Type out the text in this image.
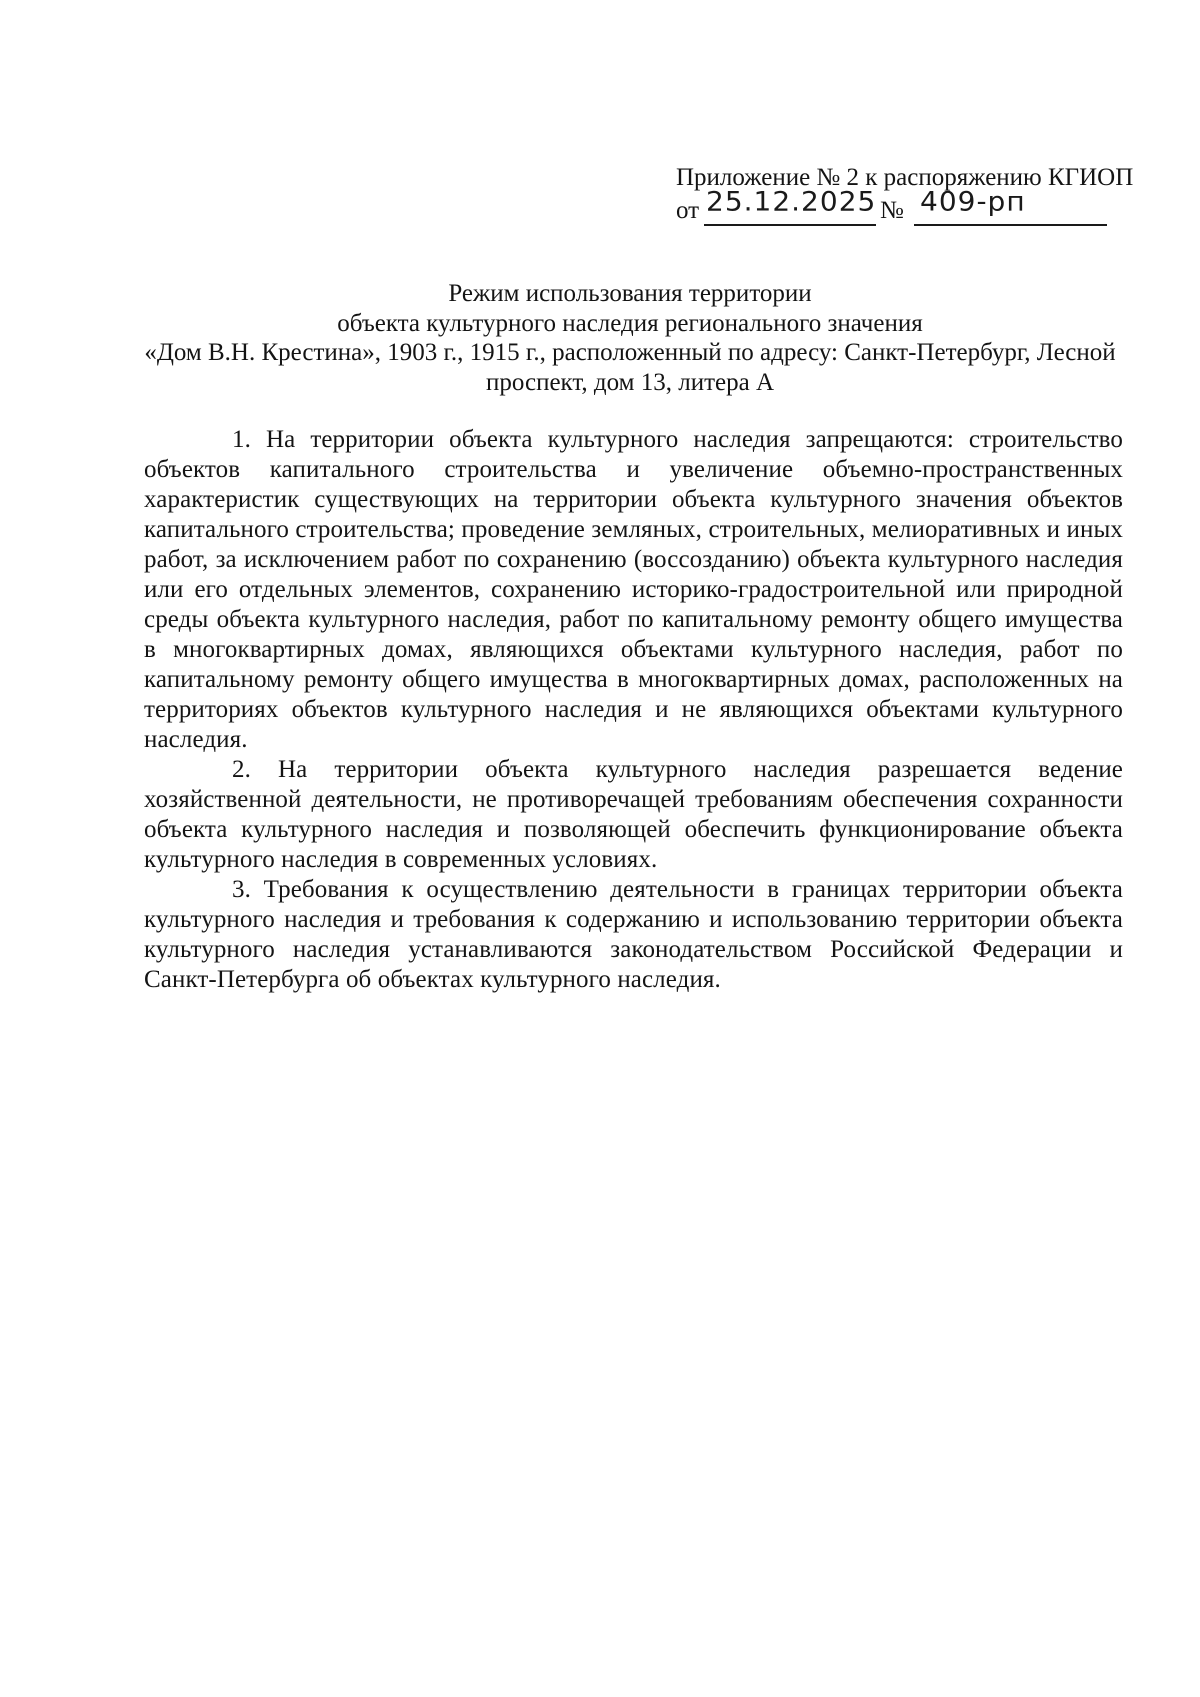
Приложение № 2 к распоряжению КГИОП
от 25.12.2025 № 409-рп
Режим использования территории
объекта культурного наследия регионального значения
«Дом В.Н. Крестина», 1903 г., 1915 г., расположенный по адресу: Санкт-Петербург, Лесной
проспект, дом 13, литера А

1. На территории объекта культурного наследия запрещаются: строительство объектов капитального строительства и увеличение объемно-пространственных характеристик существующих на территории объекта культурного значения объектов капитального строительства; проведение земляных, строительных, мелиоративных и иных работ, за исключением работ по сохранению (воссозданию) объекта культурного наследия или его отдельных элементов, сохранению историко-градостроительной или природной среды объекта культурного наследия, работ по капитальному ремонту общего имущества в многоквартирных домах, являющихся объектами культурного наследия, работ по капитальному ремонту общего имущества в многоквартирных домах, расположенных на территориях объектов культурного наследия и не являющихся объектами культурного наследия.

2. На территории объекта культурного наследия разрешается ведение хозяйственной деятельности, не противоречащей требованиям обеспечения сохранности объекта культурного наследия и позволяющей обеспечить функционирование объекта культурного наследия в современных условиях.

3. Требования к осуществлению деятельности в границах территории объекта культурного наследия и требования к содержанию и использованию территории объекта культурного наследия устанавливаются законодательством Российской Федерации и Санкт-Петербурга об объектах культурного наследия.
